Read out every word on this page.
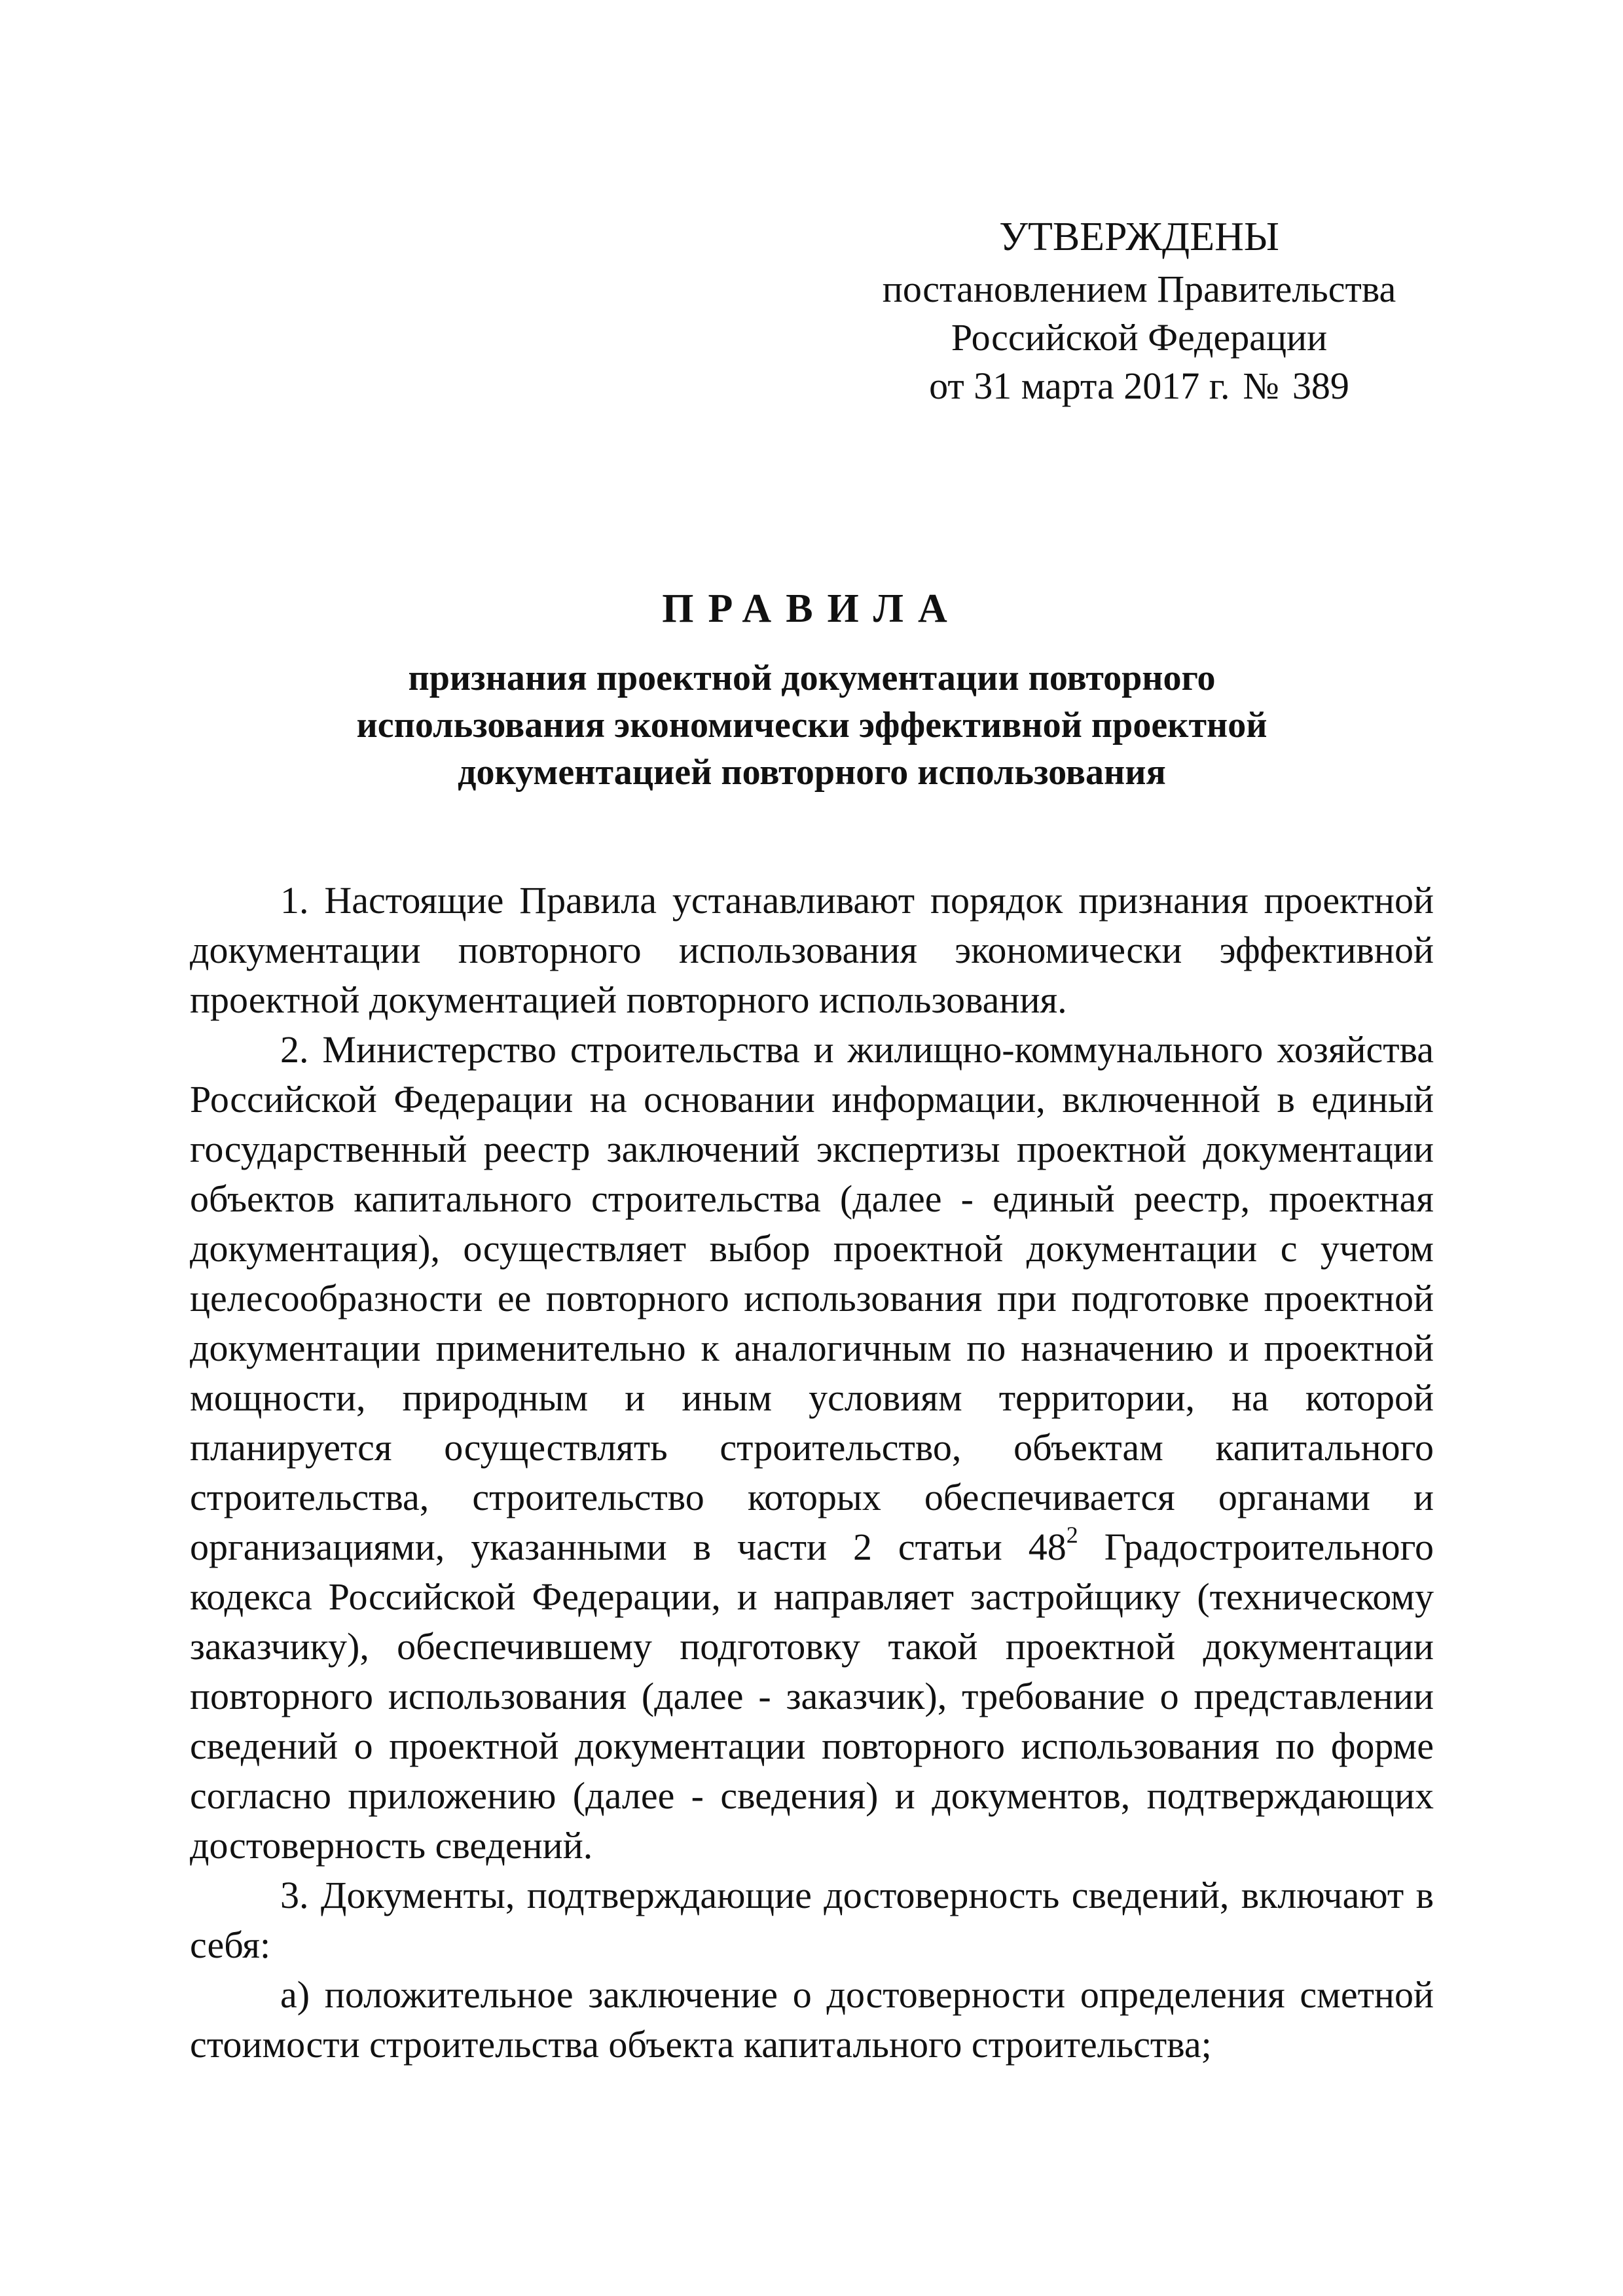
УТВЕРЖДЕНЫ
постановлением Правительства
Российской Федерации
от 31 марта 2017 г. № 389
ПРАВИЛА
признания проектной документации повторного
использования экономически эффективной проектной
документацией повторного использования

1. Настоящие Правила устанавливают порядок признания проектной документации повторного использования экономически эффективной проектной документацией повторного использования.

2. Министерство строительства и жилищно-коммунального хозяйства Российской Федерации на основании информации, включенной в единый государственный реестр заключений экспертизы проектной документации объектов капитального строительства (далее - единый реестр, проектная документация), осуществляет выбор проектной документации с учетом целесообразности ее повторного использования при подготовке проектной документации применительно к аналогичным по назначению и проектной мощности, природным и иным условиям территории, на которой планируется осуществлять строительство, объектам капитального строительства, строительство которых обеспечивается органами и организациями, указанными в части 2 статьи $48^2$ Градостроительного кодекса Российской Федерации, и направляет застройщику (техническому заказчику), обеспечившему подготовку такой проектной документации повторного использования (далее - заказчик), требование о представлении сведений о проектной документации повторного использования по форме согласно приложению (далее - сведения) и документов, подтверждающих достоверность сведений.

3. Документы, подтверждающие достоверность сведений, включают в себя:

а) положительное заключение о достоверности определения сметной стоимости строительства объекта капитального строительства;
